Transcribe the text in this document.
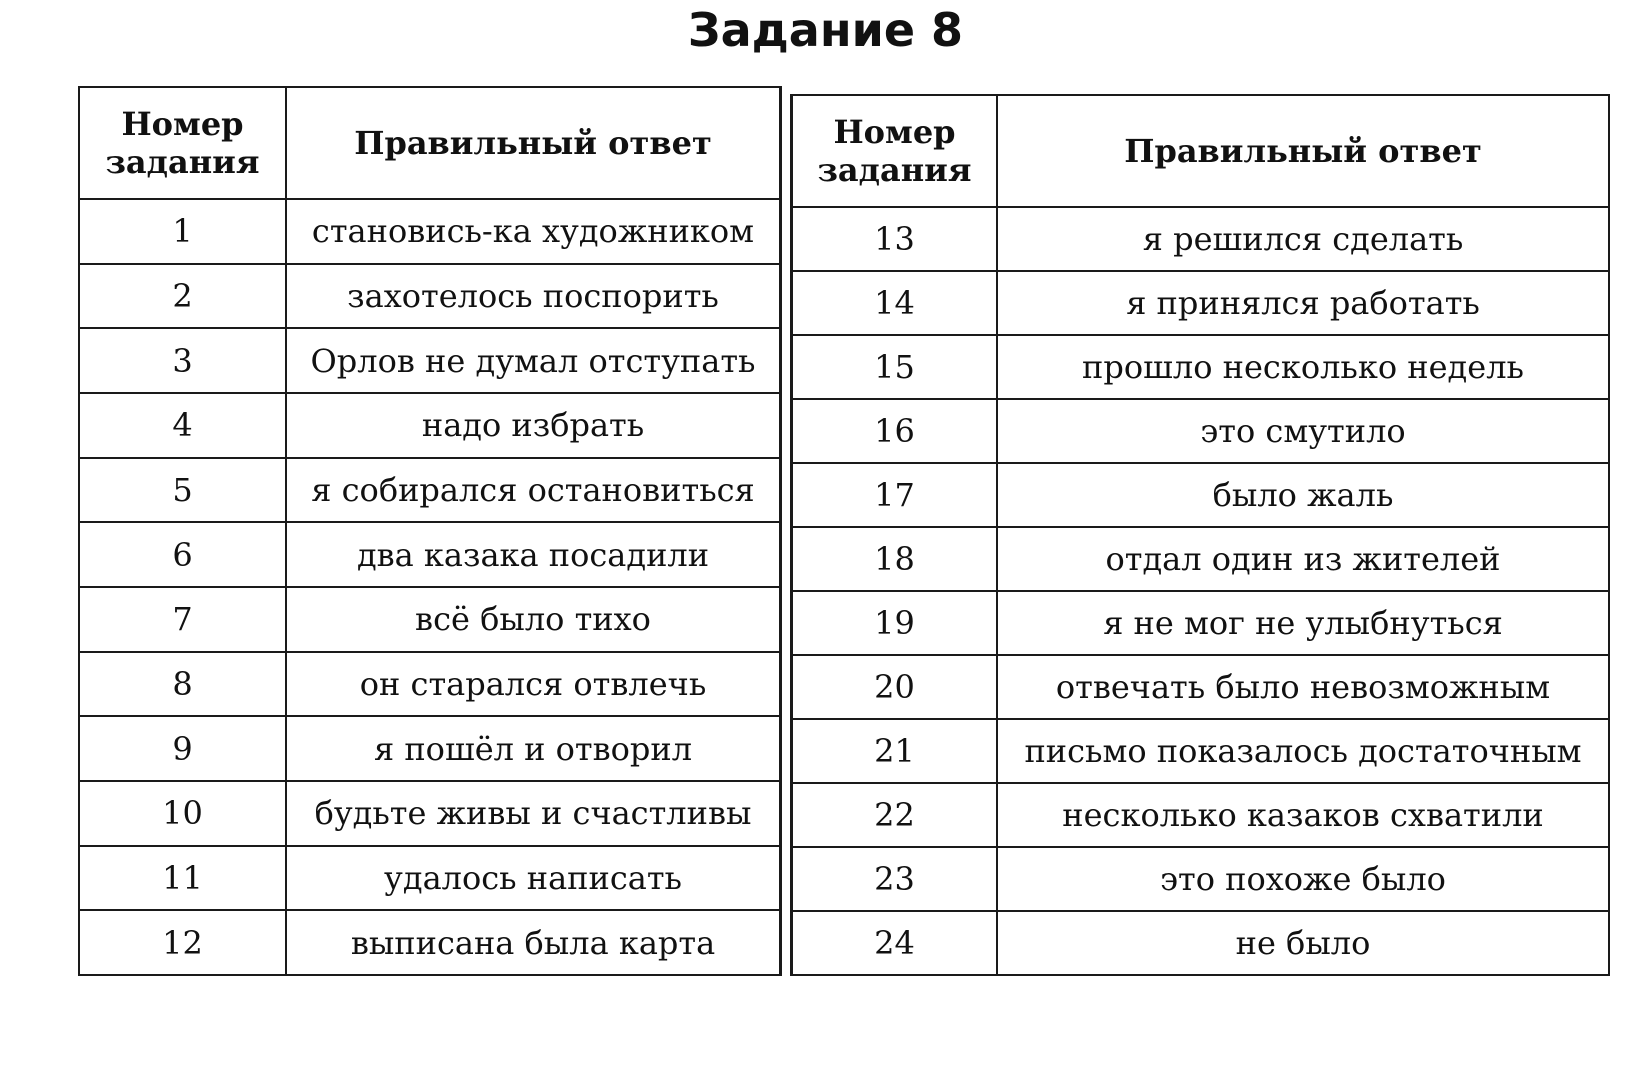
Задание 8
Номер задания	Правильный ответ
1	становись-ка художником
2	захотелось поспорить
3	Орлов не думал отступать
4	надо избрать
5	я собирался остановиться
6	два казака посадили
7	всё было тихо
8	он старался отвлечь
9	я пошёл и отворил
10	будьте живы и счастливы
11	удалось написать
12	выписана была карта
Номер задания	Правильный ответ
13	я решился сделать
14	я принялся работать
15	прошло несколько недель
16	это смутило
17	было жаль
18	отдал один из жителей
19	я не мог не улыбнуться
20	отвечать было невозможным
21	письмо показалось достаточным
22	несколько казаков схватили
23	это похоже было
24	не было
